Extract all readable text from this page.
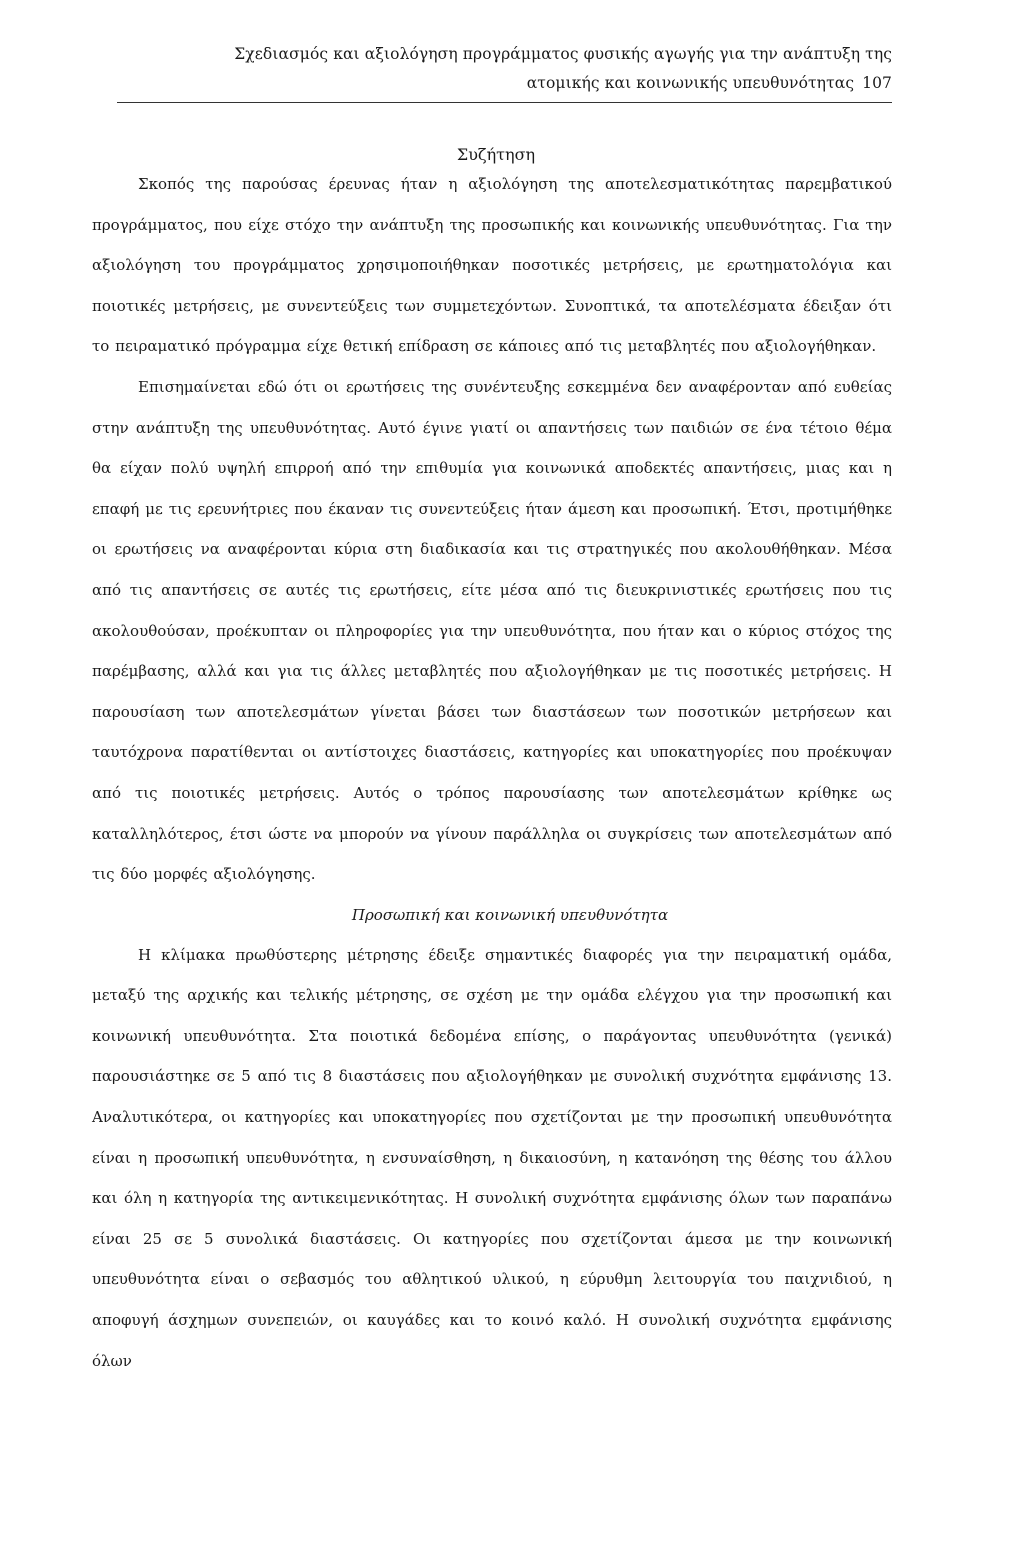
Σχεδιασμός και αξιολόγηση προγράμματος φυσικής αγωγής για την ανάπτυξη της
ατομικής και κοινωνικής υπευθυνότητας 107
Συζήτηση

Σκοπός της παρούσας έρευνας ήταν η αξιολόγηση της αποτελεσματικότητας παρεμβατικού προγράμματος, που είχε στόχο την ανάπτυξη της προσωπικής και κοινωνικής υπευθυνότητας. Για την αξιολόγηση του προγράμματος χρησιμοποιήθηκαν ποσοτικές μετρήσεις, με ερωτηματολόγια και ποιοτικές μετρήσεις, με συνεντεύξεις των συμμετεχόντων. Συνοπτικά, τα αποτελέσματα έδειξαν ότι το πειραματικό πρόγραμμα είχε θετική επίδραση σε κάποιες από τις μεταβλητές που αξιολογήθηκαν.

Επισημαίνεται εδώ ότι οι ερωτήσεις της συνέντευξης εσκεμμένα δεν αναφέρονταν από ευθείας στην ανάπτυξη της υπευθυνότητας. Αυτό έγινε γιατί οι απαντήσεις των παιδιών σε ένα τέτοιο θέμα θα είχαν πολύ υψηλή επιρροή από την επιθυμία για κοινωνικά αποδεκτές απαντήσεις, μιας και η επαφή με τις ερευνήτριες που έκαναν τις συνεντεύξεις ήταν άμεση και προσωπική. Έτσι, προτιμήθηκε οι ερωτήσεις να αναφέρονται κύρια στη διαδικασία και τις στρατηγικές που ακολουθήθηκαν. Μέσα από τις απαντήσεις σε αυτές τις ερωτήσεις, είτε μέσα από τις διευκρινιστικές ερωτήσεις που τις ακολουθούσαν, προέκυπταν οι πληροφορίες για την υπευθυνότητα, που ήταν και ο κύριος στόχος της παρέμβασης, αλλά και για τις άλλες μεταβλητές που αξιολογήθηκαν με τις ποσοτικές μετρήσεις. Η παρουσίαση των αποτελεσμάτων γίνεται βάσει των διαστάσεων των ποσοτικών μετρήσεων και ταυτόχρονα παρατίθενται οι αντίστοιχες διαστάσεις, κατηγορίες και υποκατηγορίες που προέκυψαν από τις ποιοτικές μετρήσεις. Αυτός ο τρόπος παρουσίασης των αποτελεσμάτων κρίθηκε ως καταλληλότερος, έτσι ώστε να μπορούν να γίνουν παράλληλα οι συγκρίσεις των αποτελεσμάτων από τις δύο μορφές αξιολόγησης.

Προσωπική και κοινωνική υπευθυνότητα

Η κλίμακα πρωθύστερης μέτρησης έδειξε σημαντικές διαφορές για την πειραματική ομάδα, μεταξύ της αρχικής και τελικής μέτρησης, σε σχέση με την ομάδα ελέγχου για την προσωπική και κοινωνική υπευθυνότητα. Στα ποιοτικά δεδομένα επίσης, ο παράγοντας υπευθυνότητα (γενικά) παρουσιάστηκε σε 5 από τις 8 διαστάσεις που αξιολογήθηκαν με συνολική συχνότητα εμφάνισης 13. Αναλυτικότερα, οι κατηγορίες και υποκατηγορίες που σχετίζονται με την προσωπική υπευθυνότητα είναι η προσωπική υπευθυνότητα, η ενσυναίσθηση, η δικαιοσύνη, η κατανόηση της θέσης του άλλου και όλη η κατηγορία της αντικειμενικότητας. Η συνολική συχνότητα εμφάνισης όλων των παραπάνω είναι 25 σε 5 συνολικά διαστάσεις. Οι κατηγορίες που σχετίζονται άμεσα με την κοινωνική υπευθυνότητα είναι ο σεβασμός του αθλητικού υλικού, η εύρυθμη λειτουργία του παιχνιδιού, η αποφυγή άσχημων συνεπειών, οι καυγάδες και το κοινό καλό. Η συνολική συχνότητα εμφάνισης όλων
